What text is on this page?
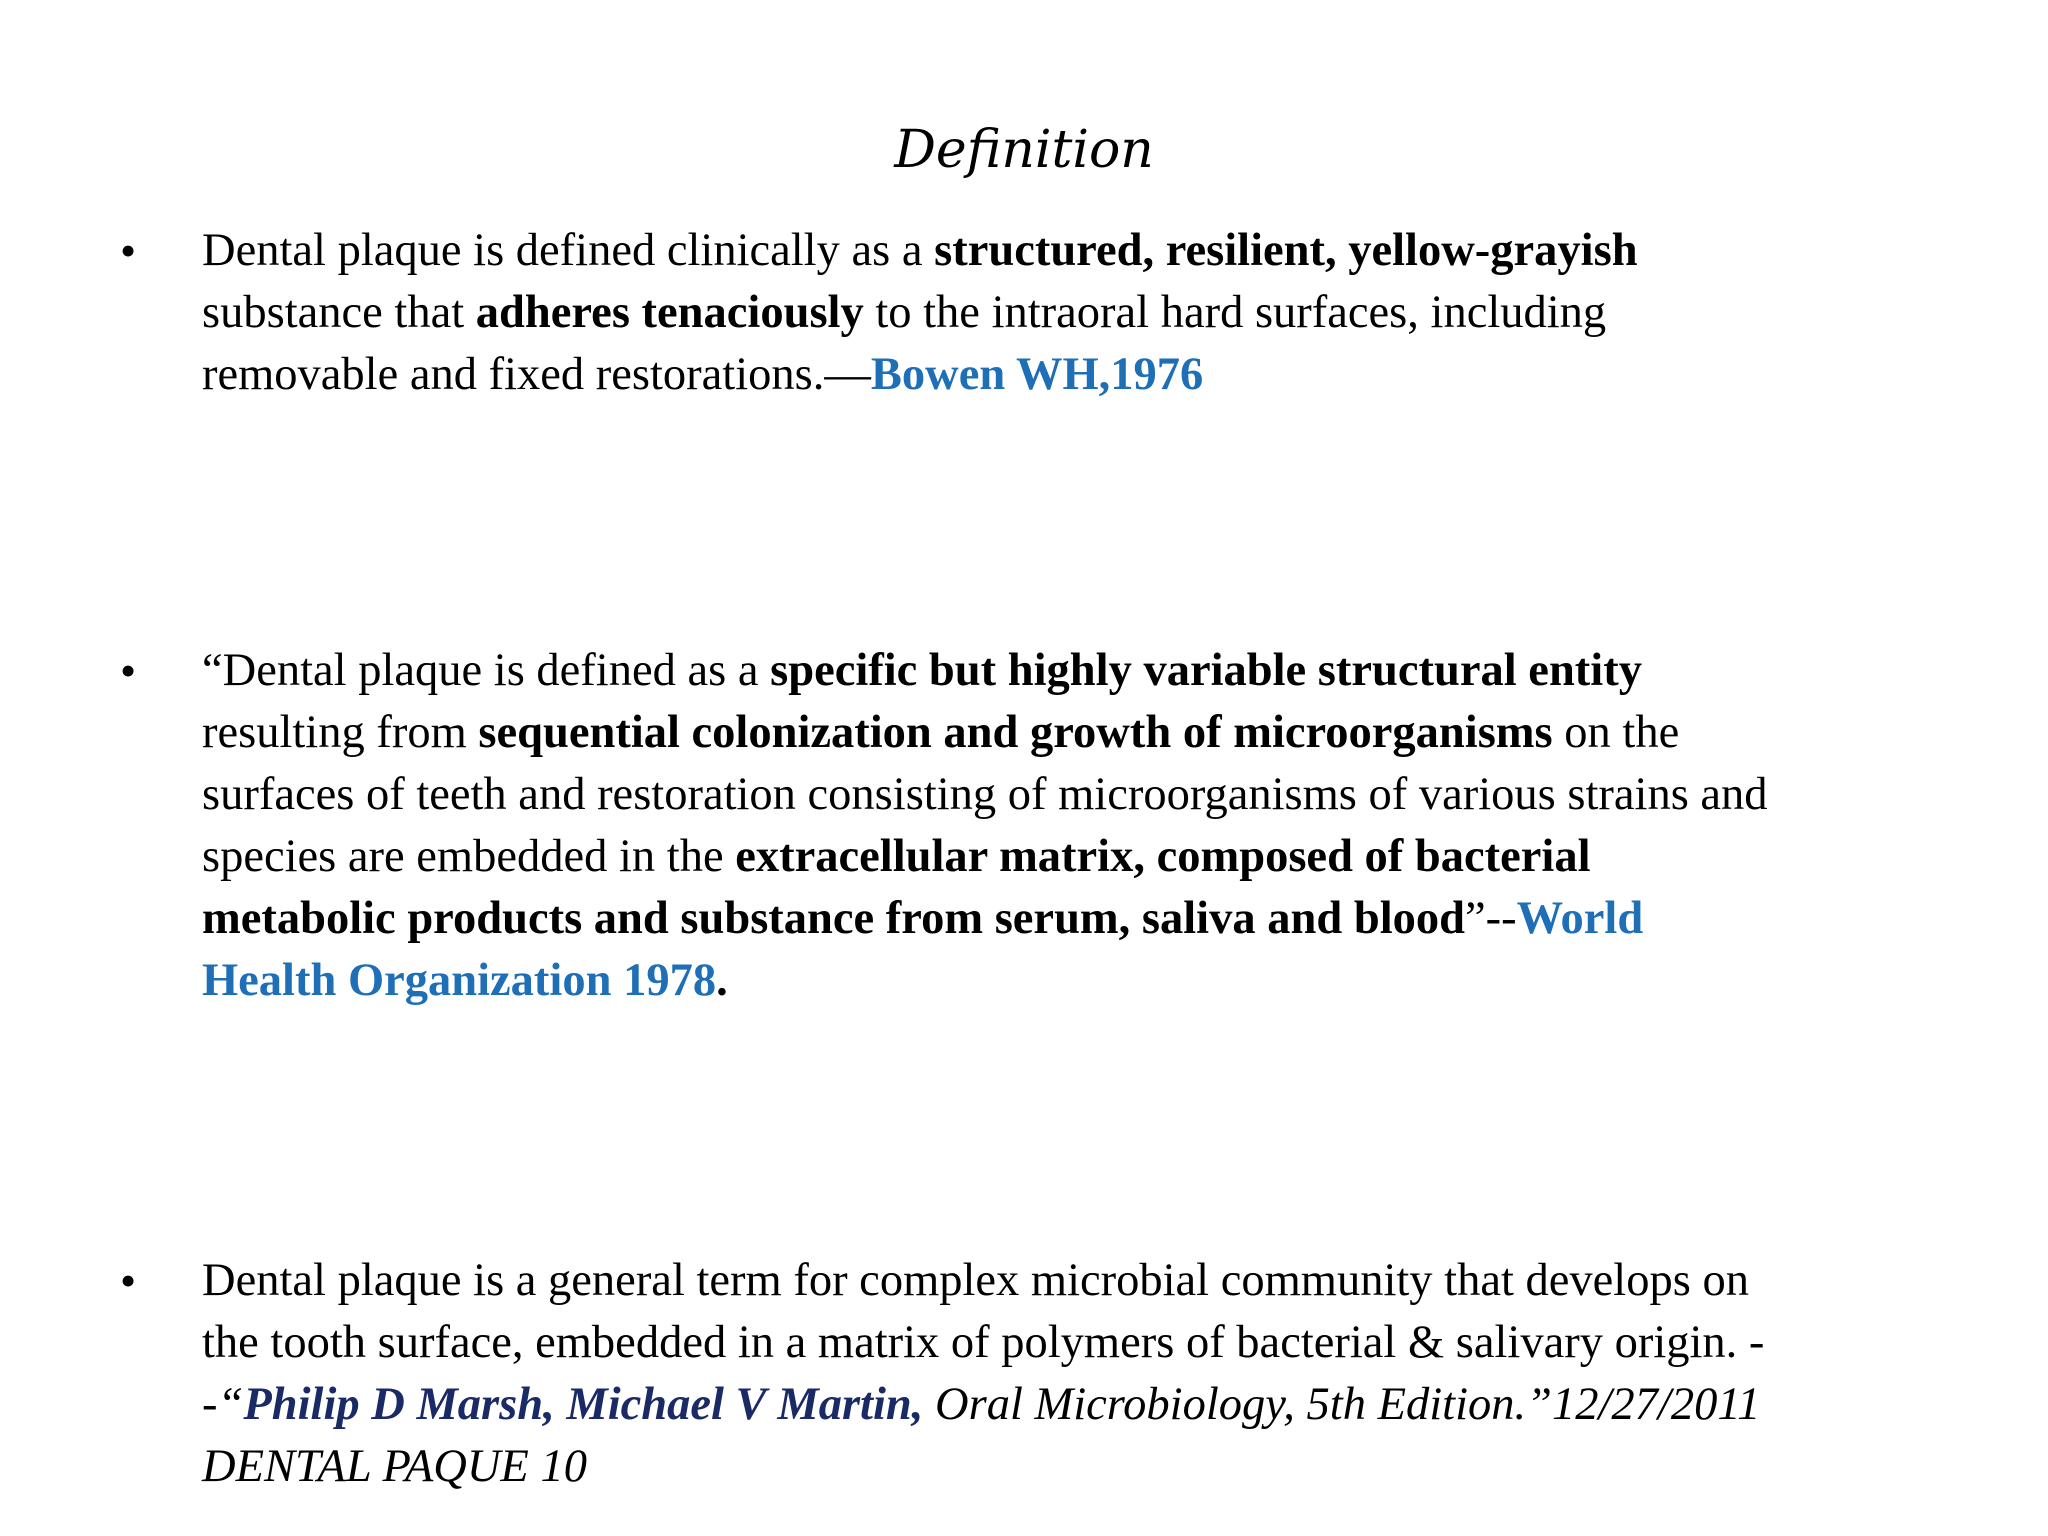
Definition
•	Dental plaque is defined clinically as a structured, resilient, yellow-grayish
substance that adheres tenaciously to the intraoral hard surfaces, including
removable and fixed restorations.—Bowen WH,1976
•	“Dental plaque is defined as a specific but highly variable structural entity
resulting from sequential colonization and growth of microorganisms on the
surfaces of teeth and restoration consisting of microorganisms of various strains and
species are embedded in the extracellular matrix, composed of bacterial
metabolic products and substance from serum, saliva and blood”--World
Health Organization 1978.
•	Dental plaque is a general term for complex microbial community that develops on
the tooth surface, embedded in a matrix of polymers of bacterial & salivary origin. -
-“Philip D Marsh, Michael V Martin, Oral Microbiology, 5th Edition.”12/27/2011
DENTAL PAQUE 10
